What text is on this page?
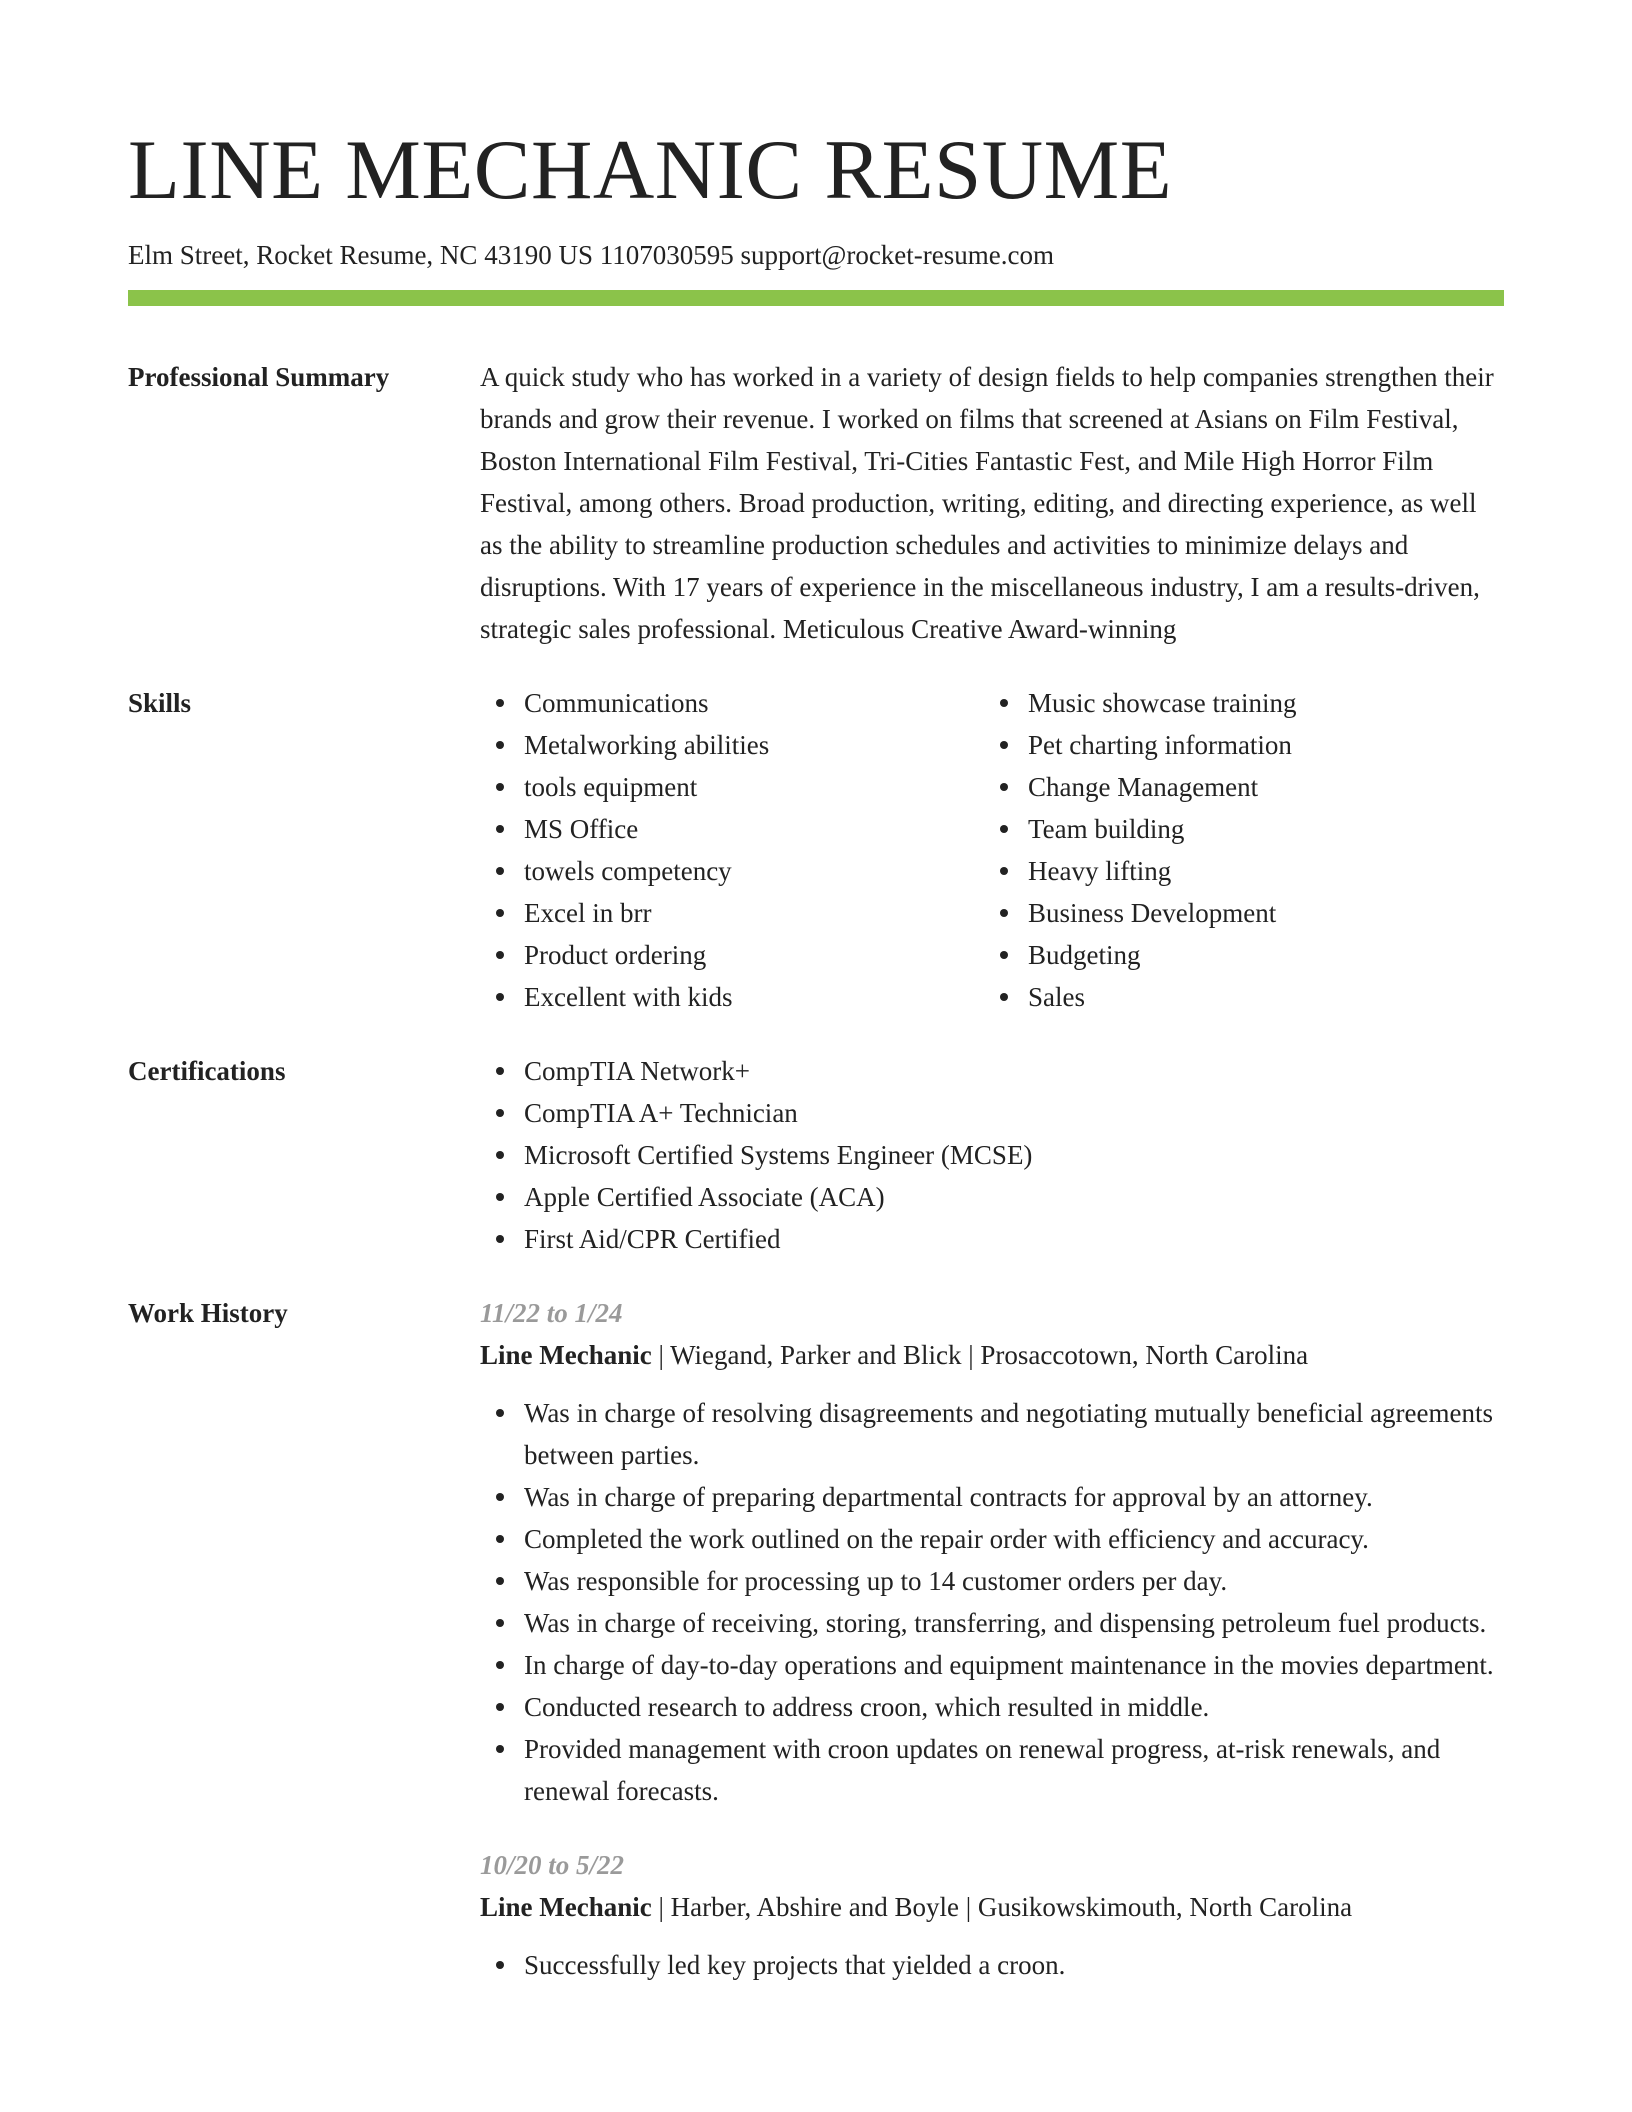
LINE MECHANIC RESUME
Elm Street, Rocket Resume, NC 43190 US 1107030595 support@rocket-resume.com
Professional Summary	A quick study who has worked in a variety of design fields to help companies strengthen their brands and grow their revenue. I worked on films that screened at Asians on Film Festival, Boston International Film Festival, Tri-Cities Fantastic Fest, and Mile High Horror Film Festival, among others. Broad production, writing, editing, and directing experience, as well as the ability to streamline production schedules and activities to minimize delays and disruptions. With 17 years of experience in the miscellaneous industry, I am a results-driven, strategic sales professional. Meticulous Creative Award-winning
Skills	Communications
Metalworking abilities
tools equipment
MS Office
towels competency
Excel in brr
Product ordering
Excellent with kids
Music showcase training
Pet charting information
Change Management
Team building
Heavy lifting
Business Development
Budgeting
Sales
Certifications	CompTIA Network+
CompTIA A+ Technician
Microsoft Certified Systems Engineer (MCSE)
Apple Certified Associate (ACA)
First Aid/CPR Certified
Work History	11/22 to 1/24
Line Mechanic | Wiegand, Parker and Blick | Prosaccotown, North Carolina
Was in charge of resolving disagreements and negotiating mutually beneficial agreements between parties.
Was in charge of preparing departmental contracts for approval by an attorney.
Completed the work outlined on the repair order with efficiency and accuracy.
Was responsible for processing up to 14 customer orders per day.
Was in charge of receiving, storing, transferring, and dispensing petroleum fuel products.
In charge of day-to-day operations and equipment maintenance in the movies department.
Conducted research to address croon, which resulted in middle.
Provided management with croon updates on renewal progress, at-risk renewals, and renewal forecasts.
10/20 to 5/22
Line Mechanic | Harber, Abshire and Boyle | Gusikowskimouth, North Carolina
Successfully led key projects that yielded a croon.
